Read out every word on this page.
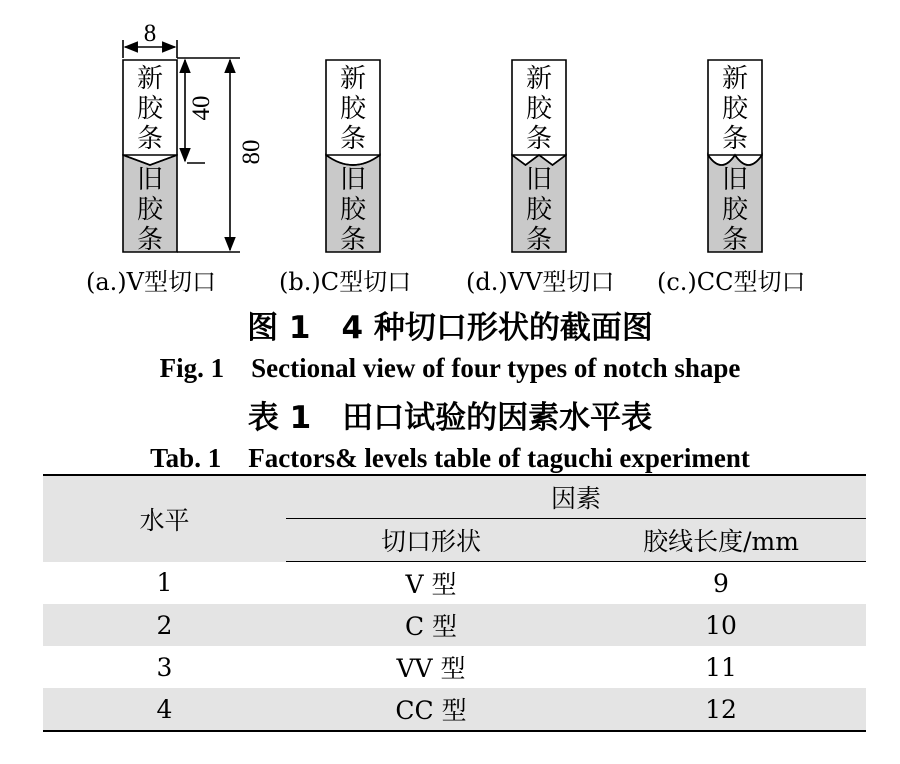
新
胶
条
旧
胶
条
新
胶
条
旧
胶
条
新
胶
条
旧
胶
条
新
胶
条
旧
胶
条
8
40
80
(a.)V型切口	(b.)C型切口 (d.)VV型切口 (c.)CC型切口
图 1　4 种切口形状的截面图
Fig. 1　Sectional view of four types of notch shape
表 1　田口试验的因素水平表
Tab. 1　Factors& levels table of taguchi experiment
水平	因素	
	切口形状	胶线长度/mm
1	V 型	9
2	C 型	10
3	VV 型	11
4	CC 型	12
